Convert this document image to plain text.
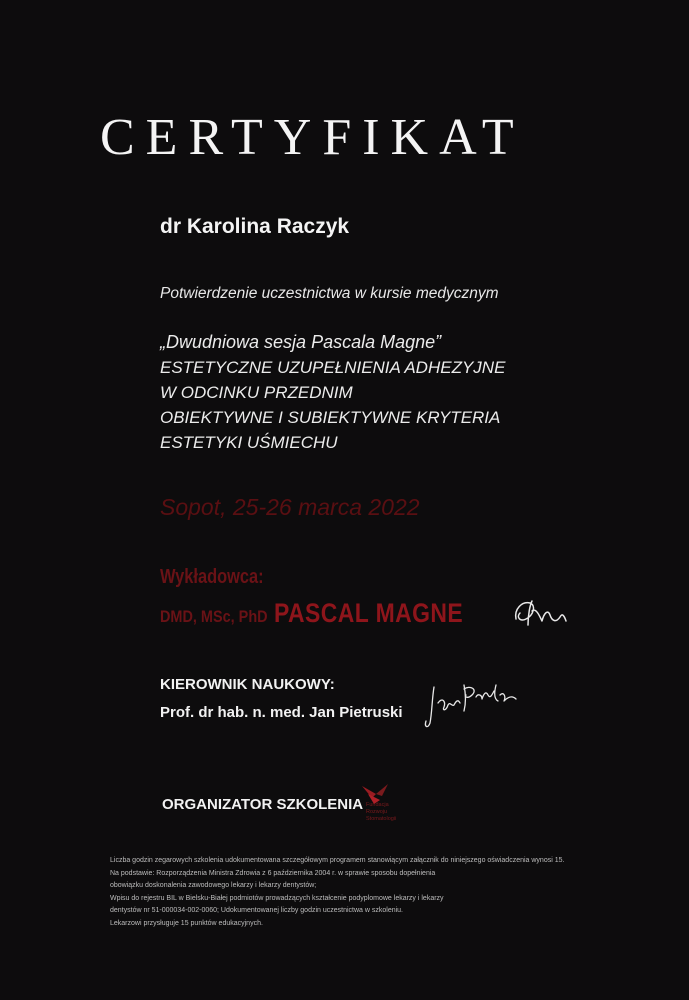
CERTYFIKAT
dr Karolina Raczyk
Potwierdzenie uczestnictwa w kursie medycznym
„Dwudniowa sesja Pascala Magne”
ESTETYCZNE UZUPEŁNIENIA ADHEZYJNE
W ODCINKU PRZEDNIM
OBIEKTYWNE I SUBIEKTYWNE KRYTERIA
ESTETYKI UŚMIECHU
Sopot, 25-26 marca 2022
Wykładowca:
DMD, MSc, PhD PASCAL MAGNE
KIEROWNIK NAUKOWY:
Prof. dr hab. n. med. Jan Pietruski
ORGANIZATOR SZKOLENIA Fundacja Rozwoju Stomatologii
Liczba godzin zegarowych szkolenia udokumentowana szczegółowym programem stanowiącym załącznik do niniejszego oświadczenia wynosi 15.
Na podstawie: Rozporządzenia Ministra Zdrowia z 6 października 2004 r. w sprawie sposobu dopełnienia
obowiązku doskonalenia zawodowego lekarzy i lekarzy dentystów;
Wpisu do rejestru BIL w Bielsku-Białej podmiotów prowadzących kształcenie podyplomowe lekarzy i lekarzy
dentystów nr 51-000034-002-0060; Udokumentowanej liczby godzin uczestnictwa w szkoleniu.
Lekarzowi przysługuje 15 punktów edukacyjnych.
